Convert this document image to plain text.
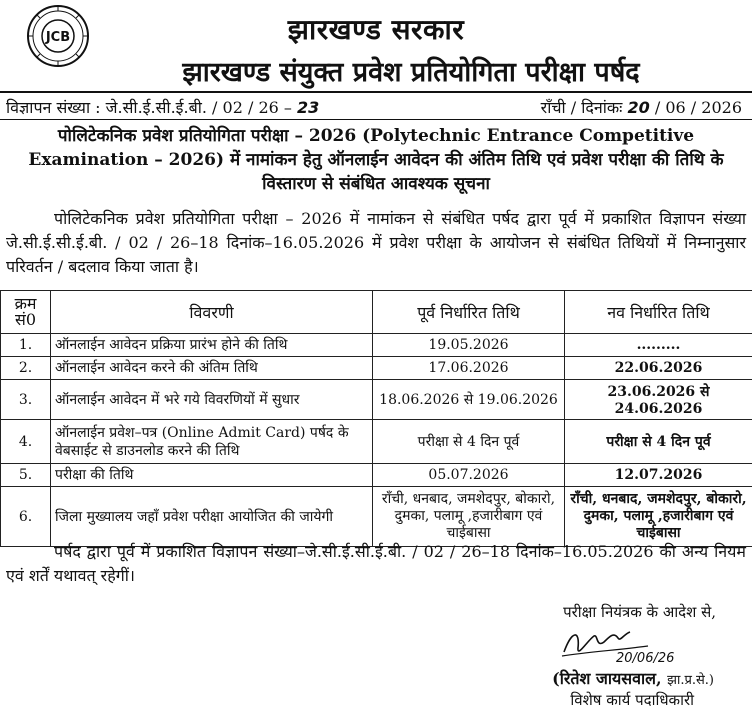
JCB	झारखण्ड सरकार
झारखण्ड संयुक्त प्रवेश प्रतियोगिता परीक्षा पर्षद
विज्ञापन संख्या : जे.सी.ई.सी.ई.बी. / 02 / 26 – 23	रॉंची / दिनांकः 20 / 06 / 2026
पोलिटेकनिक प्रवेश प्रतियोगिता परीक्षा – 2026 (Polytechnic Entrance Competitive Examination – 2026) में नामांकन हेतु ऑनलाईन आवेदन की अंतिम तिथि एवं प्रवेश परीक्षा की तिथि के विस्तारण से संबंधित आवश्यक सूचना
पोलिटेकनिक प्रवेश प्रतियोगिता परीक्षा – 2026 में नामांकन से संबंधित पर्षद द्वारा पूर्व में प्रकाशित विज्ञापन संख्या जे.सी.ई.सी.ई.बी. / 02 / 26–18 दिनांक–16.05.2026 में प्रवेश परीक्षा के आयोजन से संबंधित तिथियों में निम्नानुसार परिवर्तन / बदलाव किया जाता है।
क्रम सं0	विवरणी	पूर्व निर्धारित तिथि	नव निर्धारित तिथि
1.	ऑनलाईन आवेदन प्रक्रिया प्रारंभ होने की तिथि	19.05.2026	.........
2.	ऑनलाईन आवेदन करने की अंतिम तिथि	17.06.2026	22.06.2026
3.	ऑनलाईन आवेदन में भरे गये विवरणियों में सुधार	18.06.2026 से 19.06.2026	23.06.2026 से 24.06.2026
4.	ऑनलाईन प्रवेश–पत्र (Online Admit Card) पर्षद के वेबसाईट से डाउनलोड करने की तिथि	परीक्षा से 4 दिन पूर्व	परीक्षा से 4 दिन पूर्व
5.	परीक्षा की तिथि	05.07.2026	12.07.2026
6.	जिला मुख्यालय जहाँ प्रवेश परीक्षा आयोजित की जायेगी	राँची, धनबाद, जमशेदपुर, बोकारो, दुमका, पलामू ,हजारीबाग एवं चाईबासा	राँची, धनबाद, जमशेदपुर, बोकारो, दुमका, पलामू ,हजारीबाग एवं चाईबासा
पर्षद द्वारा पूर्व में प्रकाशित विज्ञापन संख्या–जे.सी.ई.सी.ई.बी. / 02 / 26–18 दिनांक–16.05.2026 की अन्य नियम एवं शर्तें यथावत् रहेगीं।
परीक्षा नियंत्रक के आदेश से,
20/06/26
(रितेश जायसवाल, झा.प्र.से.)
विशेष कार्य पदाधिकारी
